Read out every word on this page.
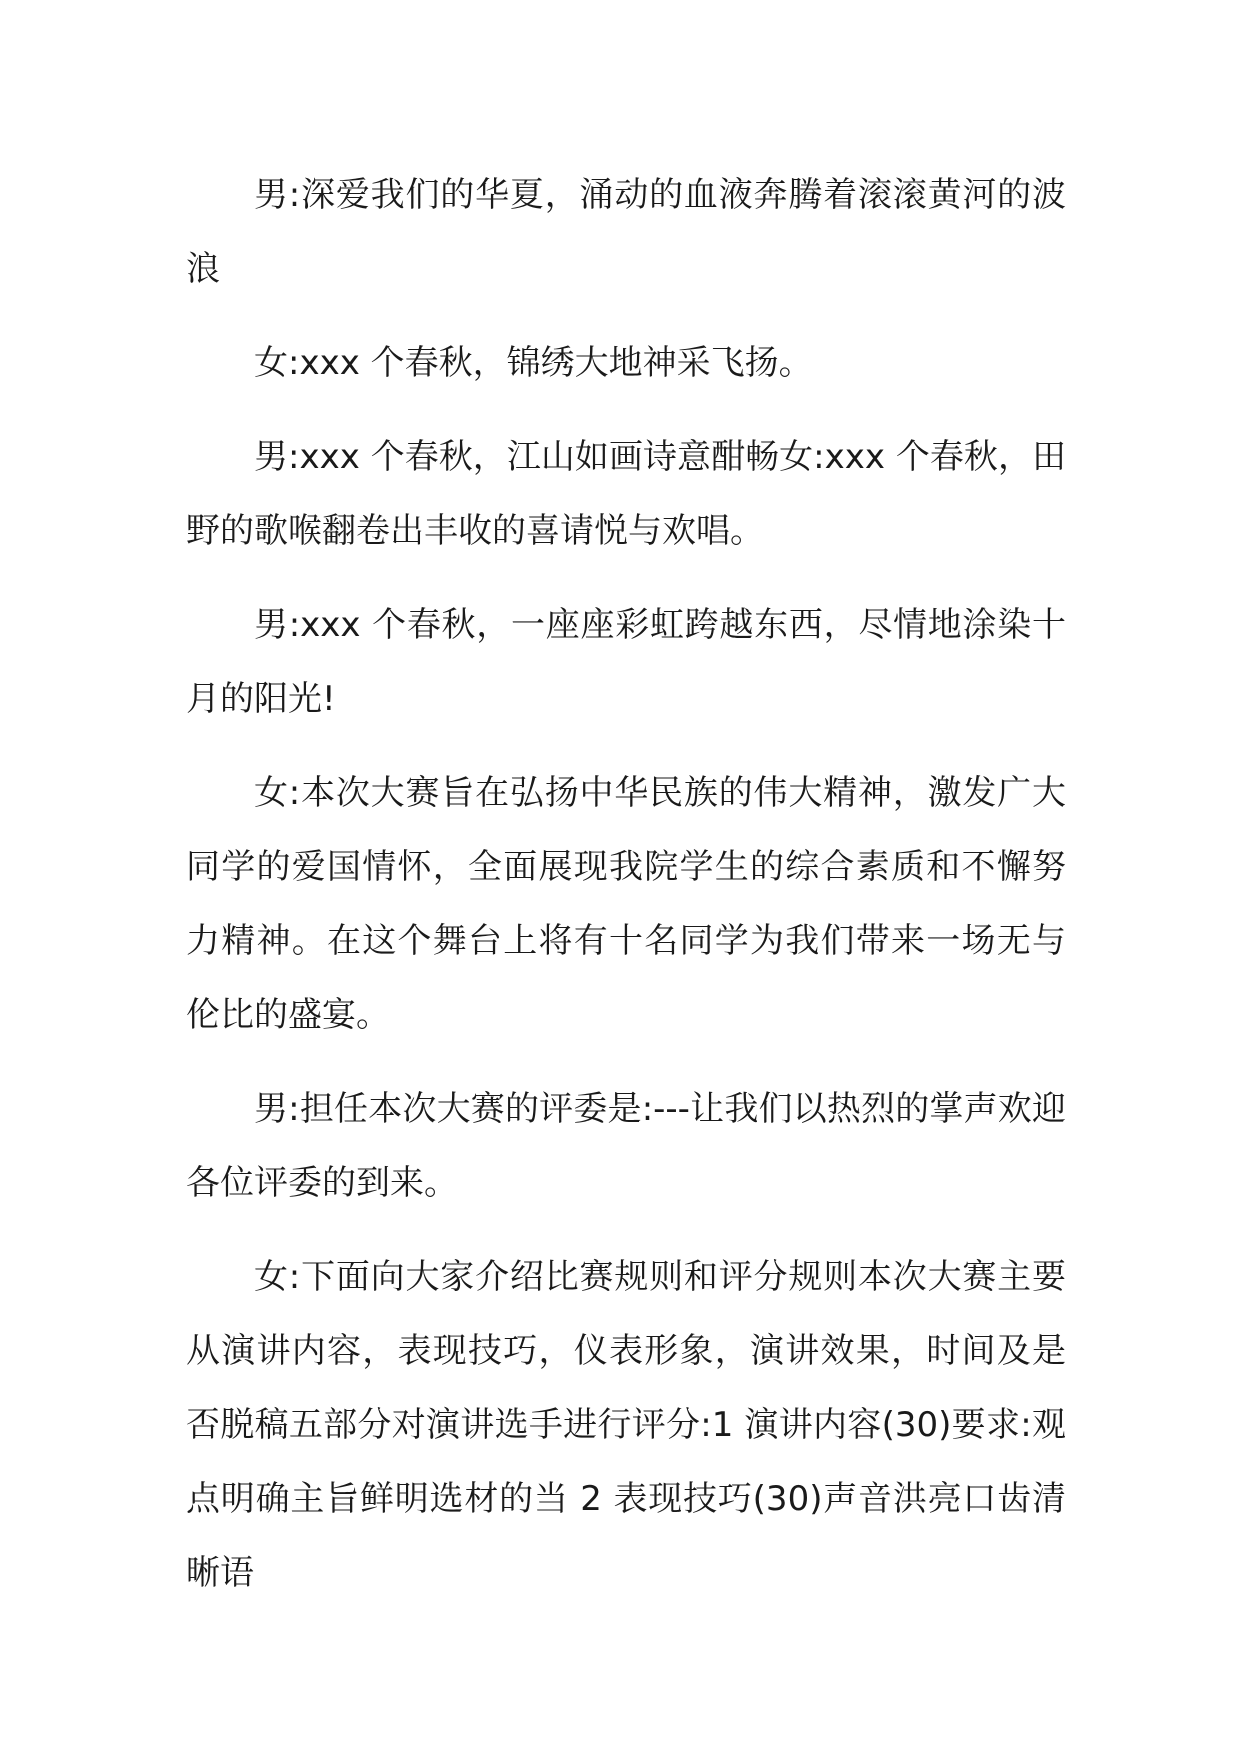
男:深爱我们的华夏，涌动的血液奔腾着滚滚黄河的波浪

女:xxx 个春秋，锦绣大地神采飞扬。

男:xxx 个春秋，江山如画诗意酣畅女:xxx 个春秋，田野的歌喉翻卷出丰收的喜请悦与欢唱。

男:xxx 个春秋，一座座彩虹跨越东西，尽情地涂染十月的阳光!

女:本次大赛旨在弘扬中华民族的伟大精神，激发广大同学的爱国情怀，全面展现我院学生的综合素质和不懈努力精神。在这个舞台上将有十名同学为我们带来一场无与伦比的盛宴。

男:担任本次大赛的评委是:---让我们以热烈的掌声欢迎各位评委的到来。

女:下面向大家介绍比赛规则和评分规则本次大赛主要从演讲内容，表现技巧，仪表形象，演讲效果，时间及是否脱稿五部分对演讲选手进行评分:1 演讲内容(30)要求:观点明确主旨鲜明选材的当 2 表现技巧(30)声音洪亮口齿清晰语
